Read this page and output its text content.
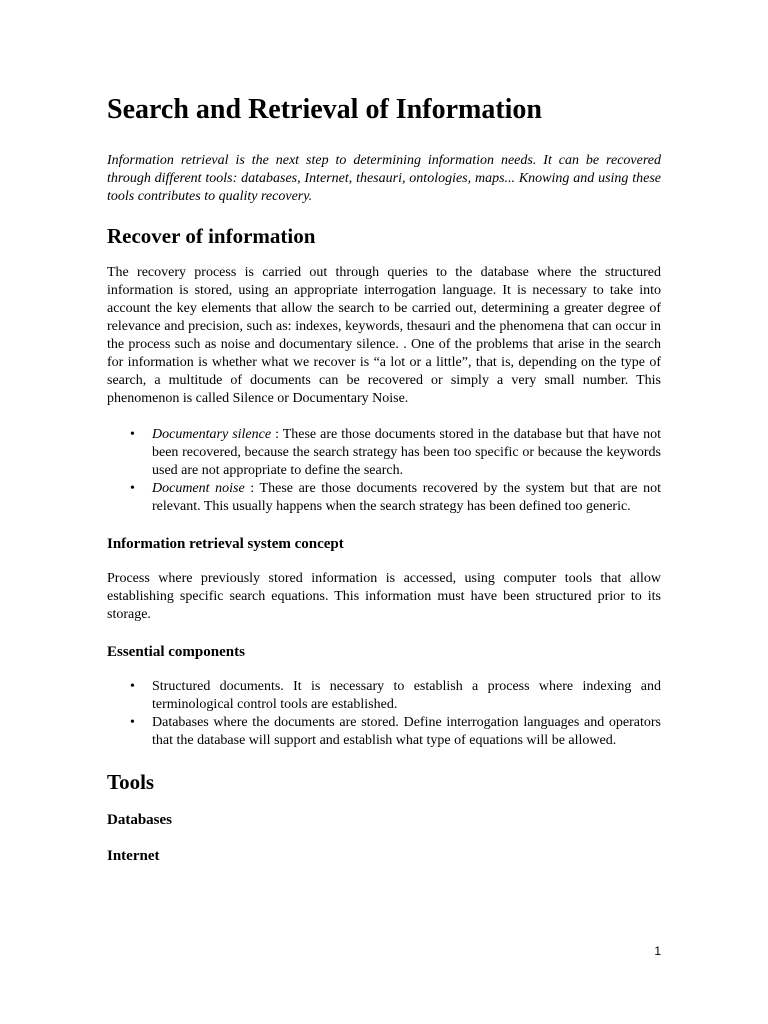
Search and Retrieval of Information

Information retrieval is the next step to determining information needs. It can be recovered through different tools: databases, Internet, thesauri, ontologies, maps... Knowing and using these tools contributes to quality recovery.

Recover of information

The recovery process is carried out through queries to the database where the structured information is stored, using an appropriate interrogation language. It is necessary to take into account the key elements that allow the search to be carried out, determining a greater degree of relevance and precision, such as: indexes, keywords, thesauri and the phenomena that can occur in the process such as noise and documentary silence. . One of the problems that arise in the search for information is whether what we recover is “a lot or a little”, that is, depending on the type of search, a multitude of documents can be recovered or simply a very small number. This phenomenon is called Silence or Documentary Noise.

•	Documentary silence : These are those documents stored in the database but that have not been recovered, because the search strategy has been too specific or because the keywords used are not appropriate to define the search.
•	Document noise : These are those documents recovered by the system but that are not relevant. This usually happens when the search strategy has been defined too generic.
Information retrieval system concept

Process where previously stored information is accessed, using computer tools that allow establishing specific search equations. This information must have been structured prior to its storage.

Essential components
•	Structured documents. It is necessary to establish a process where indexing and terminological control tools are established.
•	Databases where the documents are stored. Define interrogation languages and operators that the database will support and establish what type of equations will be allowed.
Tools
Databases
Internet
1
